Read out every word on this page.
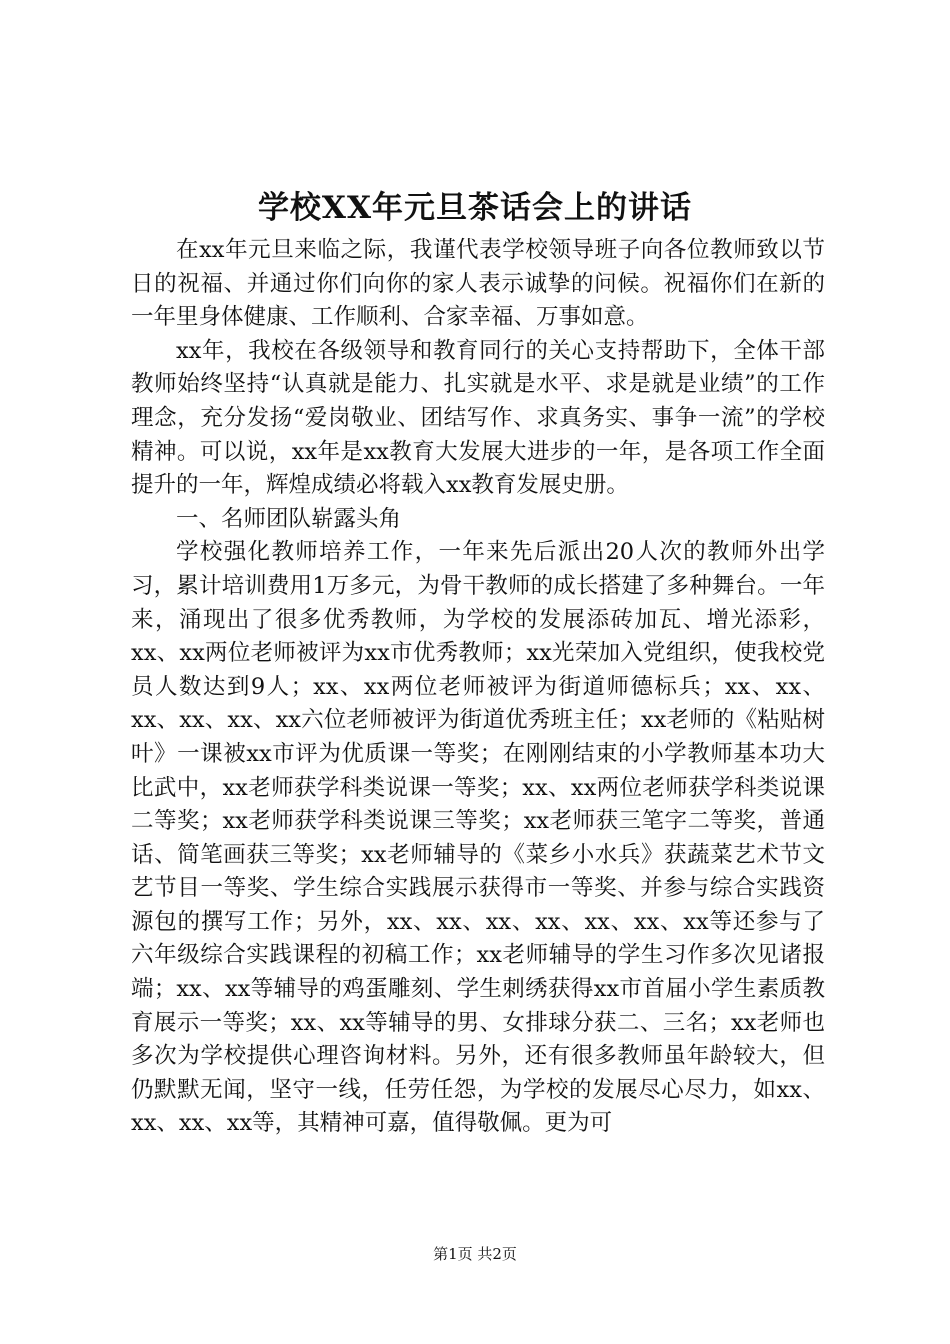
学校XX年元旦茶话会上的讲话

在xx年元旦来临之际，我谨代表学校领导班子向各位教师致以节日的祝福、并通过你们向你的家人表示诚挚的问候。祝福你们在新的一年里身体健康、工作顺利、合家幸福、万事如意。

xx年，我校在各级领导和教育同行的关心支持帮助下，全体干部教师始终坚持“认真就是能力、扎实就是水平、求是就是业绩”的工作理念，充分发扬“爱岗敬业、团结写作、求真务实、事争一流”的学校精神。可以说，xx年是xx教育大发展大进步的一年，是各项工作全面提升的一年，辉煌成绩必将载入xx教育发展史册。

一、名师团队崭露头角

学校强化教师培养工作，一年来先后派出20人次的教师外出学习，累计培训费用1万多元，为骨干教师的成长搭建了多种舞台。一年来，涌现出了很多优秀教师，为学校的发展添砖加瓦、增光添彩，xx、xx两位老师被评为xx市优秀教师；xx光荣加入党组织，使我校党员人数达到9人；xx、xx两位老师被评为街道师德标兵；xx、xx、xx、xx、xx、xx六位老师被评为街道优秀班主任；xx老师的《粘贴树叶》一课被xx市评为优质课一等奖；在刚刚结束的小学教师基本功大比武中，xx老师获学科类说课一等奖；xx、xx两位老师获学科类说课二等奖；xx老师获学科类说课三等奖；xx老师获三笔字二等奖，普通话、简笔画获三等奖；xx老师辅导的《菜乡小水兵》获蔬菜艺术节文艺节目一等奖、学生综合实践展示获得市一等奖、并参与综合实践资源包的撰写工作；另外，xx、xx、xx、xx、xx、xx、xx等还参与了六年级综合实践课程的初稿工作；xx老师辅导的学生习作多次见诸报端；xx、xx等辅导的鸡蛋雕刻、学生刺绣获得xx市首届小学生素质教育展示一等奖；xx、xx等辅导的男、女排球分获二、三名；xx老师也多次为学校提供心理咨询材料。另外，还有很多教师虽年龄较大，但仍默默无闻，坚守一线，任劳任怨，为学校的发展尽心尽力，如xx、xx、xx、xx等，其精神可嘉，值得敬佩。更为可

第1页 共2页
